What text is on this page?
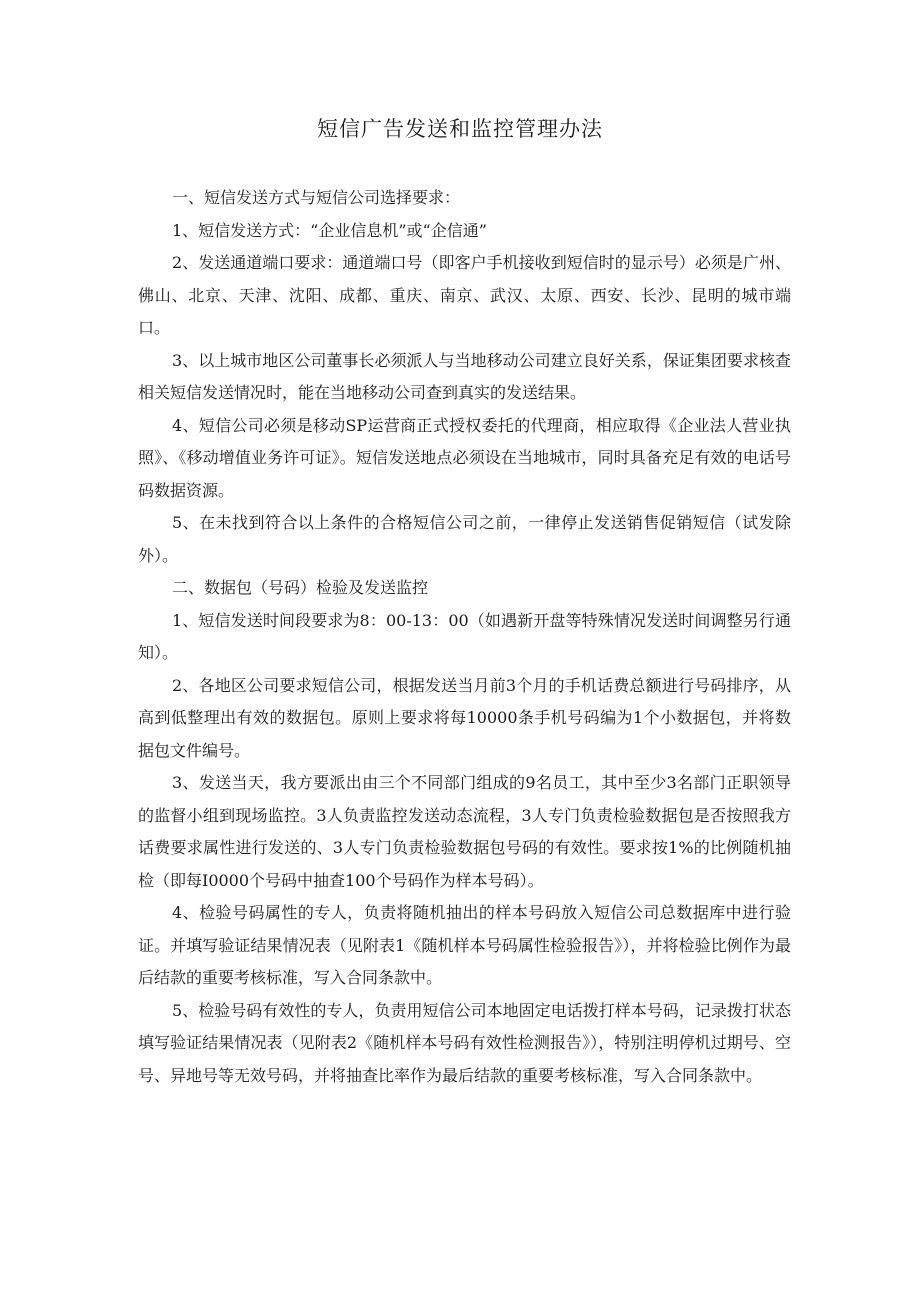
短信广告发送和监控管理办法

一、短信发送方式与短信公司选择要求：

1、短信发送方式：“企业信息机”或“企信通”

2、发送通道端口要求：通道端口号（即客户手机接收到短信时的显示号）必须是广州、佛山、北京、天津、沈阳、成都、重庆、南京、武汉、太原、西安、长沙、昆明的城市端口。

3、以上城市地区公司董事长必须派人与当地移动公司建立良好关系，保证集团要求核查相关短信发送情况时，能在当地移动公司查到真实的发送结果。

4、短信公司必须是移动SP运营商正式授权委托的代理商，相应取得《企业法人营业执照》、《移动增值业务许可证》。短信发送地点必须设在当地城市，同时具备充足有效的电话号码数据资源。

5、在未找到符合以上条件的合格短信公司之前，一律停止发送销售促销短信（试发除外）。

二、数据包（号码）检验及发送监控

1、短信发送时间段要求为8：00-13：00（如遇新开盘等特殊情况发送时间调整另行通知）。

2、各地区公司要求短信公司，根据发送当月前3个月的手机话费总额进行号码排序，从高到低整理出有效的数据包。原则上要求将每10000条手机号码编为1个小数据包，并将数据包文件编号。

3、发送当天，我方要派出由三个不同部门组成的9名员工，其中至少3名部门正职领导的监督小组到现场监控。3人负责监控发送动态流程，3人专门负责检验数据包是否按照我方话费要求属性进行发送的、3人专门负责检验数据包号码的有效性。要求按1%的比例随机抽检（即每I0000个号码中抽查100个号码作为样本号码）。

4、检验号码属性的专人，负责将随机抽出的样本号码放入短信公司总数据库中进行验证。并填写验证结果情况表（见附表1《随机样本号码属性检验报告》），并将检验比例作为最后结款的重要考核标准，写入合同条款中。

5、检验号码有效性的专人，负责用短信公司本地固定电话拨打样本号码，记录拨打状态填写验证结果情况表（见附表2《随机样本号码有效性检测报告》），特别注明停机过期号、空号、异地号等无效号码，并将抽查比率作为最后结款的重要考核标准，写入合同条款中。
